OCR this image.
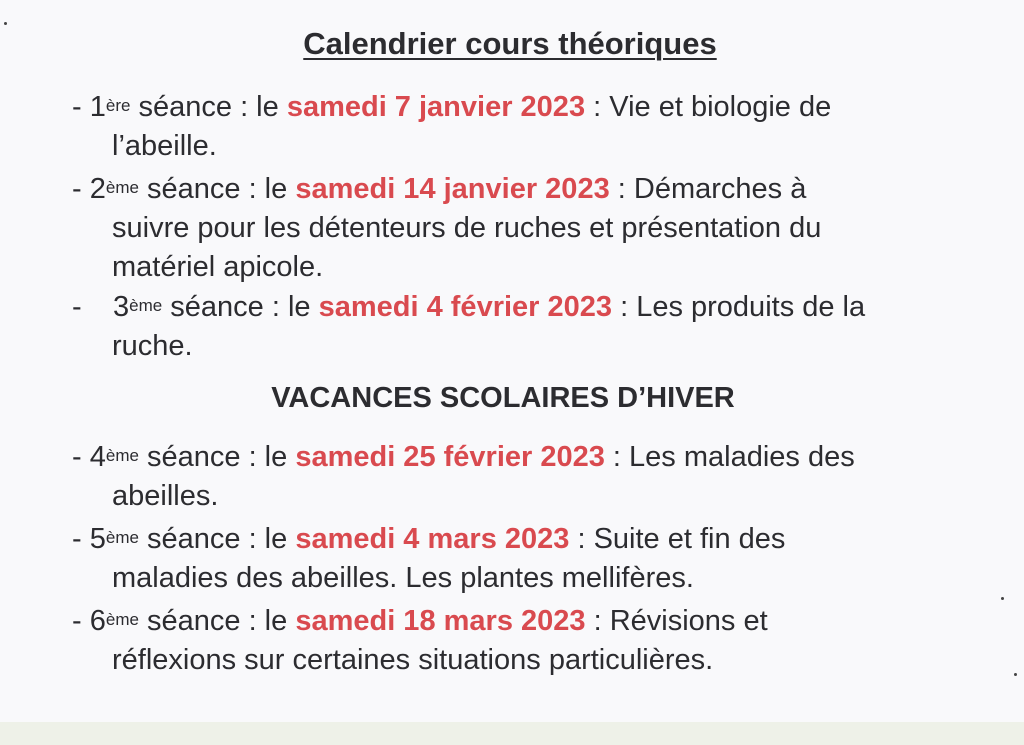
Calendrier cours théoriques
- 1ère séance : le samedi 7 janvier 2023 : Vie et biologie de
l’abeille.
- 2ème séance : le samedi 14 janvier 2023 : Démarches à
suivre pour les détenteurs de ruches et présentation du
matériel apicole.
- 3ème séance : le samedi 4 février 2023 : Les produits de la
ruche.
VACANCES SCOLAIRES D’HIVER
- 4ème séance : le samedi 25 février 2023 : Les maladies des
abeilles.
- 5ème séance : le samedi 4 mars 2023 : Suite et fin des
maladies des abeilles. Les plantes mellifères.
- 6ème séance : le samedi 18 mars 2023 : Révisions et
réflexions sur certaines situations particulières.
